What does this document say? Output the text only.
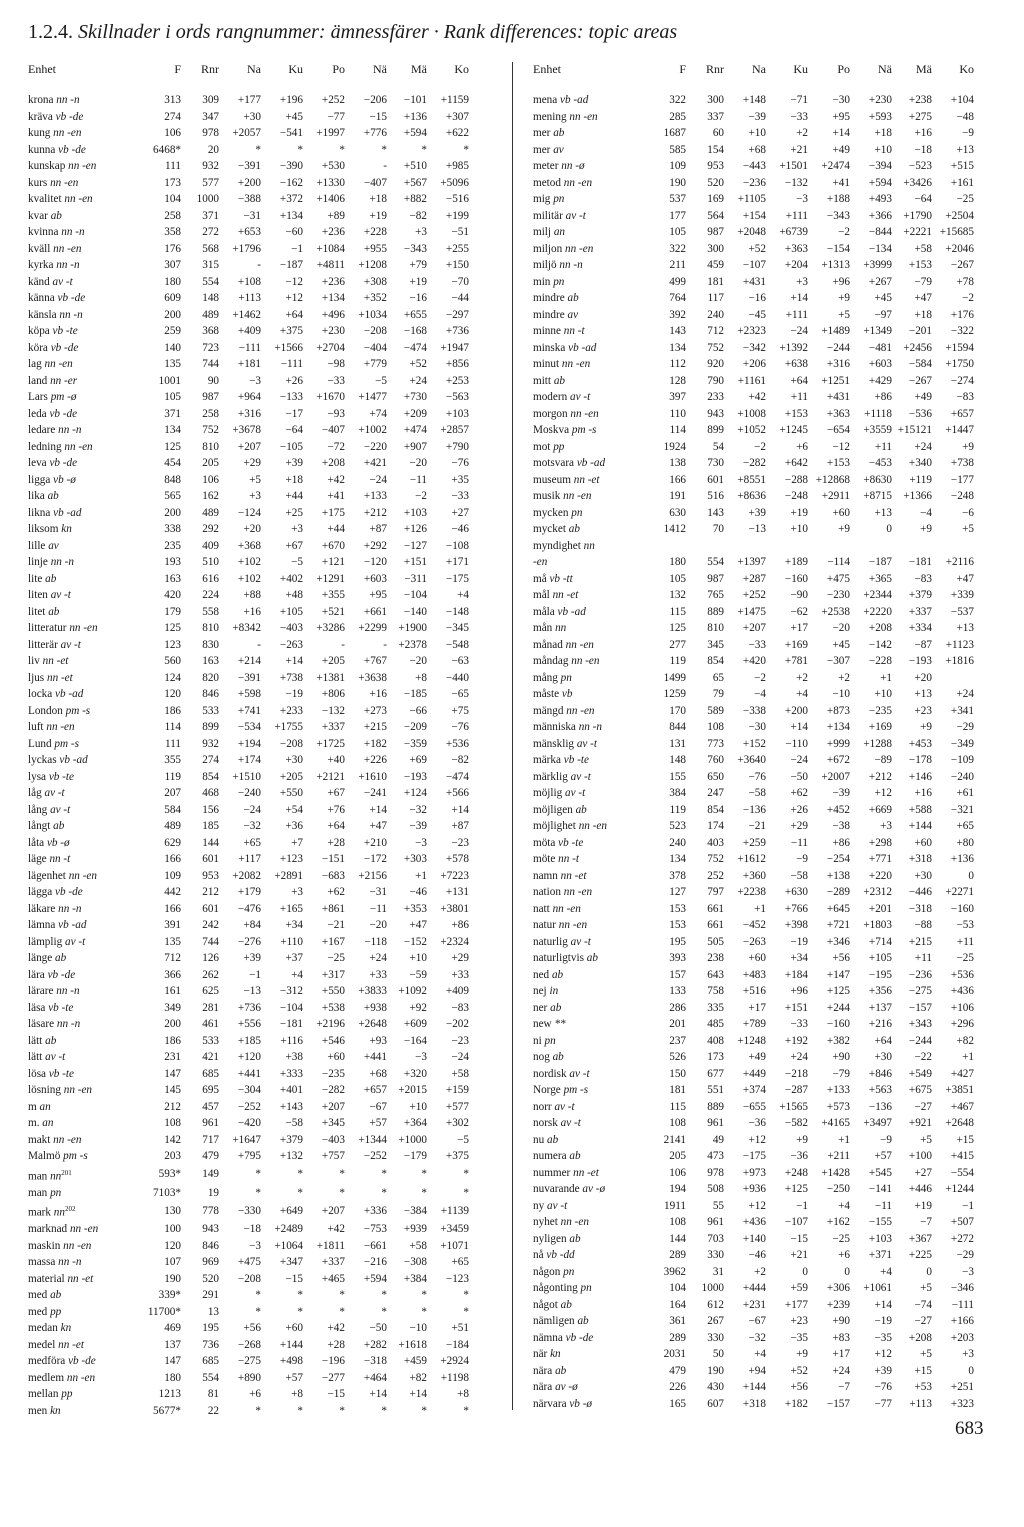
1.2.4. Skillnader i ords rangnummer: ämnessfärer · Rank differences: topic areas
Enhet	F	Rnr	Na	Ku	Po	Nä	Mä	Ko
krona nn -n	313	309	+177	+196	+252	−206	−101	+1159
kräva vb -de	274	347	+30	+45	−77	−15	+136	+307
kung nn -en	106	978	+2057	−541	+1997	+776	+594	+622
kunna vb -de	6468*	20	*	*	*	*	*	*
kunskap nn -en	111	932	−391	−390	+530	-	+510	+985
kurs nn -en	173	577	+200	−162	+1330	−407	+567	+5096
kvalitet nn -en	104	1000	−388	+372	+1406	+18	+882	−516
kvar ab	258	371	−31	+134	+89	+19	−82	+199
kvinna nn -n	358	272	+653	−60	+236	+228	+3	−51
kväll nn -en	176	568	+1796	−1	+1084	+955	−343	+255
kyrka nn -n	307	315	-	−187	+4811	+1208	+79	+150
känd av -t	180	554	+108	−12	+236	+308	+19	−70
känna vb -de	609	148	+113	+12	+134	+352	−16	−44
känsla nn -n	200	489	+1462	+64	+496	+1034	+655	−297
köpa vb -te	259	368	+409	+375	+230	−208	−168	+736
köra vb -de	140	723	−111	+1566	+2704	−404	−474	+1947
lag nn -en	135	744	+181	−111	−98	+779	+52	+856
land nn -er	1001	90	−3	+26	−33	−5	+24	+253
Lars pm -ø	105	987	+964	−133	+1670	+1477	+730	−563
leda vb -de	371	258	+316	−17	−93	+74	+209	+103
ledare nn -n	134	752	+3678	−64	−407	+1002	+474	+2857
ledning nn -en	125	810	+207	−105	−72	−220	+907	+790
leva vb -de	454	205	+29	+39	+208	+421	−20	−76
ligga vb -ø	848	106	+5	+18	+42	−24	−11	+35
lika ab	565	162	+3	+44	+41	+133	−2	−33
likna vb -ad	200	489	−124	+25	+175	+212	+103	+27
liksom kn	338	292	+20	+3	+44	+87	+126	−46
lille av	235	409	+368	+67	+670	+292	−127	−108
linje nn -n	193	510	+102	−5	+121	−120	+151	+171
lite ab	163	616	+102	+402	+1291	+603	−311	−175
liten av -t	420	224	+88	+48	+355	+95	−104	+4
litet ab	179	558	+16	+105	+521	+661	−140	−148
litteratur nn -en	125	810	+8342	−403	+3286	+2299	+1900	−345
litterär av -t	123	830	-	−263	-	-	+2378	−548
liv nn -et	560	163	+214	+14	+205	+767	−20	−63
ljus nn -et	124	820	−391	+738	+1381	+3638	+8	−440
locka vb -ad	120	846	+598	−19	+806	+16	−185	−65
London pm -s	186	533	+741	+233	−132	+273	−66	+75
luft nn -en	114	899	−534	+1755	+337	+215	−209	−76
Lund pm -s	111	932	+194	−208	+1725	+182	−359	+536
lyckas vb -ad	355	274	+174	+30	+40	+226	+69	−82
lysa vb -te	119	854	+1510	+205	+2121	+1610	−193	−474
låg av -t	207	468	−240	+550	+67	−241	+124	+566
lång av -t	584	156	−24	+54	+76	+14	−32	+14
långt ab	489	185	−32	+36	+64	+47	−39	+87
låta vb -ø	629	144	+65	+7	+28	+210	−3	−23
läge nn -t	166	601	+117	+123	−151	−172	+303	+578
lägenhet nn -en	109	953	+2082	+2891	−683	+2156	+1	+7223
lägga vb -de	442	212	+179	+3	+62	−31	−46	+131
läkare nn -n	166	601	−476	+165	+861	−11	+353	+3801
lämna vb -ad	391	242	+84	+34	−21	−20	+47	+86
lämplig av -t	135	744	−276	+110	+167	−118	−152	+2324
länge ab	712	126	+39	+37	−25	+24	+10	+29
lära vb -de	366	262	−1	+4	+317	+33	−59	+33
lärare nn -n	161	625	−13	−312	+550	+3833	+1092	+409
läsa vb -te	349	281	+736	−104	+538	+938	+92	−83
läsare nn -n	200	461	+556	−181	+2196	+2648	+609	−202
lätt ab	186	533	+185	+116	+546	+93	−164	−23
lätt av -t	231	421	+120	+38	+60	+441	−3	−24
lösa vb -te	147	685	+441	+333	−235	+68	+320	+58
lösning nn -en	145	695	−304	+401	−282	+657	+2015	+159
m an	212	457	−252	+143	+207	−67	+10	+577
m. an	108	961	−420	−58	+345	+57	+364	+302
makt nn -en	142	717	+1647	+379	−403	+1344	+1000	−5
Malmö pm -s	203	479	+795	+132	+757	−252	−179	+375
man $nn^{201}$	593*	149	*	*	*	*	*	*
man pn	7103*	19	*	*	*	*	*	*
mark $nn^{202}$	130	778	−330	+649	+207	+336	−384	+1139
marknad nn -en	100	943	−18	+2489	+42	−753	+939	+3459
maskin nn -en	120	846	−3	+1064	+1811	−661	+58	+1071
massa nn -n	107	969	+475	+347	+337	−216	−308	+65
material nn -et	190	520	−208	−15	+465	+594	+384	−123
med ab	339*	291	*	*	*	*	*	*
med pp	11700*	13	*	*	*	*	*	*
medan kn	469	195	+56	+60	+42	−50	−10	+51
medel nn -et	137	736	−268	+144	+28	+282	+1618	−184
medföra vb -de	147	685	−275	+498	−196	−318	+459	+2924
medlem nn -en	180	554	+890	+57	−277	+464	+82	+1198
mellan pp	1213	81	+6	+8	−15	+14	+14	+8
men kn	5677*	22	*	*	*	*	*	*
Enhet	F	Rnr	Na	Ku	Po	Nä	Mä	Ko
mena vb -ad	322	300	+148	−71	−30	+230	+238	+104
mening nn -en	285	337	−39	−33	+95	+593	+275	−48
mer ab	1687	60	+10	+2	+14	+18	+16	−9
mer av	585	154	+68	+21	+49	+10	−18	+13
meter nn -ø	109	953	−443	+1501	+2474	−394	−523	+515
metod nn -en	190	520	−236	−132	+41	+594	+3426	+161
mig pn	537	169	+1105	−3	+188	+493	−64	−25
militär av -t	177	564	+154	+111	−343	+366	+1790	+2504
milj an	105	987	+2048	+6739	−2	−844	+2221	+15685
miljon nn -en	322	300	+52	+363	−154	−134	+58	+2046
miljö nn -n	211	459	−107	+204	+1313	+3999	+153	−267
min pn	499	181	+431	+3	+96	+267	−79	+78
mindre ab	764	117	−16	+14	+9	+45	+47	−2
mindre av	392	240	−45	+111	+5	−97	+18	+176
minne nn -t	143	712	+2323	−24	+1489	+1349	−201	−322
minska vb -ad	134	752	−342	+1392	−244	−481	+2456	+1594
minut nn -en	112	920	+206	+638	+316	+603	−584	+1750
mitt ab	128	790	+1161	+64	+1251	+429	−267	−274
modern av -t	397	233	+42	+11	+431	+86	+49	−83
morgon nn -en	110	943	+1008	+153	+363	+1118	−536	+657
Moskva pm -s	114	899	+1052	+1245	−654	+3559	+15121	+1447
mot pp	1924	54	−2	+6	−12	+11	+24	+9
motsvara vb -ad	138	730	−282	+642	+153	−453	+340	+738
museum nn -et	166	601	+8551	−288	+12868	+8630	+119	−177
musik nn -en	191	516	+8636	−248	+2911	+8715	+1366	−248
mycken pn	630	143	+39	+19	+60	+13	−4	−6
mycket ab	1412	70	−13	+10	+9	0	+9	+5
myndighet nn								
-en	180	554	+1397	+189	−114	−187	−181	+2116
må vb -tt	105	987	+287	−160	+475	+365	−83	+47
mål nn -et	132	765	+252	−90	−230	+2344	+379	+339
måla vb -ad	115	889	+1475	−62	+2538	+2220	+337	−537
mån nn	125	810	+207	+17	−20	+208	+334	+13
månad nn -en	277	345	−33	+169	+45	−142	−87	+1123
måndag nn -en	119	854	+420	+781	−307	−228	−193	+1816
mång pn	1499	65	−2	+2	+2	+1	+20	
måste vb	1259	79	−4	+4	−10	+10	+13	+24
mängd nn -en	170	589	−338	+200	+873	−235	+23	+341
människa nn -n	844	108	−30	+14	+134	+169	+9	−29
mänsklig av -t	131	773	+152	−110	+999	+1288	+453	−349
märka vb -te	148	760	+3640	−24	+672	−89	−178	−109
märklig av -t	155	650	−76	−50	+2007	+212	+146	−240
möjlig av -t	384	247	−58	+62	−39	+12	+16	+61
möjligen ab	119	854	−136	+26	+452	+669	+588	−321
möjlighet nn -en	523	174	−21	+29	−38	+3	+144	+65
möta vb -te	240	403	+259	−11	+86	+298	+60	+80
möte nn -t	134	752	+1612	−9	−254	+771	+318	+136
namn nn -et	378	252	+360	−58	+138	+220	+30	0
nation nn -en	127	797	+2238	+630	−289	+2312	−446	+2271
natt nn -en	153	661	+1	+766	+645	+201	−318	−160
natur nn -en	153	661	−452	+398	+721	+1803	−88	−53
naturlig av -t	195	505	−263	−19	+346	+714	+215	+11
naturligtvis ab	393	238	+60	+34	+56	+105	+11	−25
ned ab	157	643	+483	+184	+147	−195	−236	+536
nej in	133	758	+516	+96	+125	+356	−275	+436
ner ab	286	335	+17	+151	+244	+137	−157	+106
new **	201	485	+789	−33	−160	+216	+343	+296
ni pn	237	408	+1248	+192	+382	+64	−244	+82
nog ab	526	173	+49	+24	+90	+30	−22	+1
nordisk av -t	150	677	+449	−218	−79	+846	+549	+427
Norge pm -s	181	551	+374	−287	+133	+563	+675	+3851
norr av -t	115	889	−655	+1565	+573	−136	−27	+467
norsk av -t	108	961	−36	−582	+4165	+3497	+921	+2648
nu ab	2141	49	+12	+9	+1	−9	+5	+15
numera ab	205	473	−175	−36	+211	+57	+100	+415
nummer nn -et	106	978	+973	+248	+1428	+545	+27	−554
nuvarande av -ø	194	508	+936	+125	−250	−141	+446	+1244
ny av -t	1911	55	+12	−1	+4	−11	+19	−1
nyhet nn -en	108	961	+436	−107	+162	−155	−7	+507
nyligen ab	144	703	+140	−15	−25	+103	+367	+272
nå vb -dd	289	330	−46	+21	+6	+371	+225	−29
någon pn	3962	31	+2	0	0	+4	0	−3
någonting pn	104	1000	+444	+59	+306	+1061	+5	−346
något ab	164	612	+231	+177	+239	+14	−74	−111
nämligen ab	361	267	−67	+23	+90	−19	−27	+166
nämna vb -de	289	330	−32	−35	+83	−35	+208	+203
när kn	2031	50	+4	+9	+17	+12	+5	+3
nära ab	479	190	+94	+52	+24	+39	+15	0
nära av -ø	226	430	+144	+56	−7	−76	+53	+251
närvara vb -ø	165	607	+318	+182	−157	−77	+113	+323
683
